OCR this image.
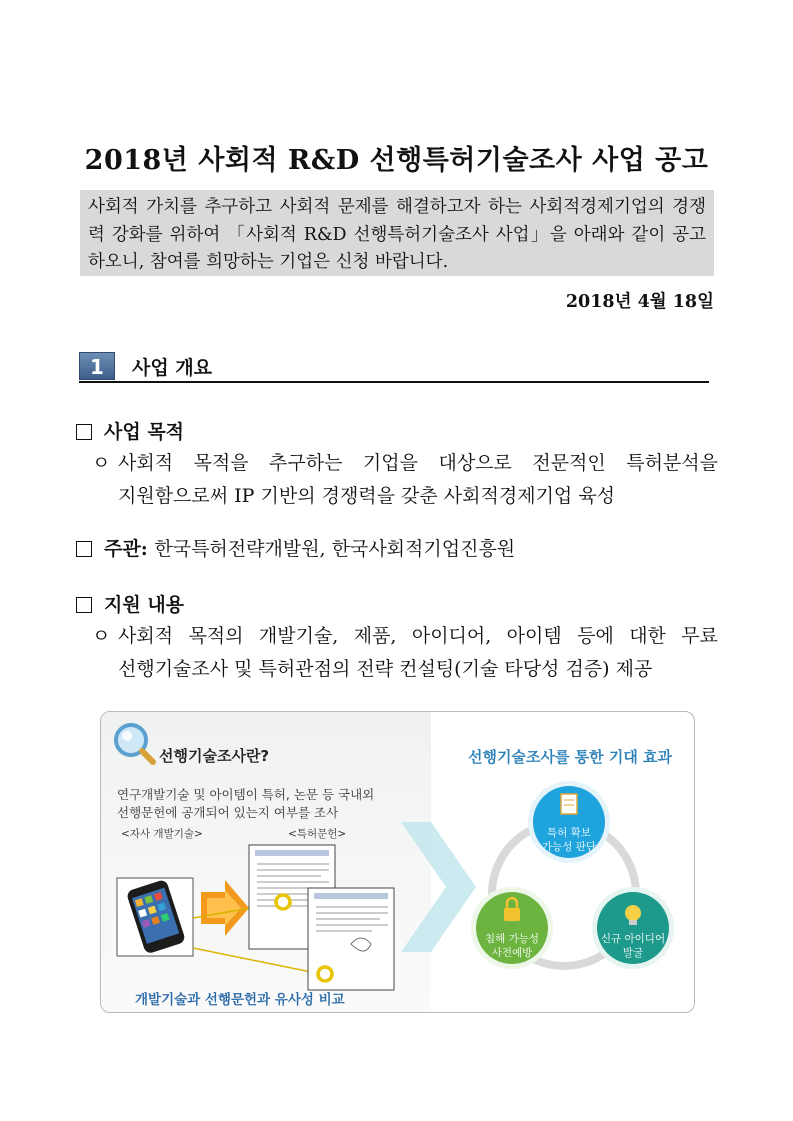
2018년 사회적 R&D 선행특허기술조사 사업 공고
사회적 가치를 추구하고 사회적 문제를 해결하고자 하는 사회적경제기업의 경쟁력 강화를 위하여 「사회적 R&D 선행특허기술조사 사업」을 아래와 같이 공고하오니, 참여를 희망하는 기업은 신청 바랍니다.
2018년 4월 18일
1	사업 개요
사업 목적
ㅇ 사회적 목적을 추구하는 기업을 대상으로 전문적인 특허분석을
지원함으로써 IP 기반의 경쟁력을 갖춘 사회적경제기업 육성
주관: 한국특허전략개발원, 한국사회적기업진흥원
지원 내용
ㅇ 사회적 목적의 개발기술, 제품, 아이디어, 아이템 등에 대한 무료
선행기술조사 및 특허관점의 전략 컨설팅(기술 타당성 검증) 제공
특허 확보
가능성 판단
침해 가능성
사전예방
신규 아이디어
발굴
선행기술조사란?
연구개발기술 및 아이템이 특허, 논문 등 국내외
선행문헌에 공개되어 있는지 여부를 조사
<자사 개발기술>	<특허문헌>
개발기술과 선행문헌과 유사성 비교
선행기술조사를 통한 기대 효과
